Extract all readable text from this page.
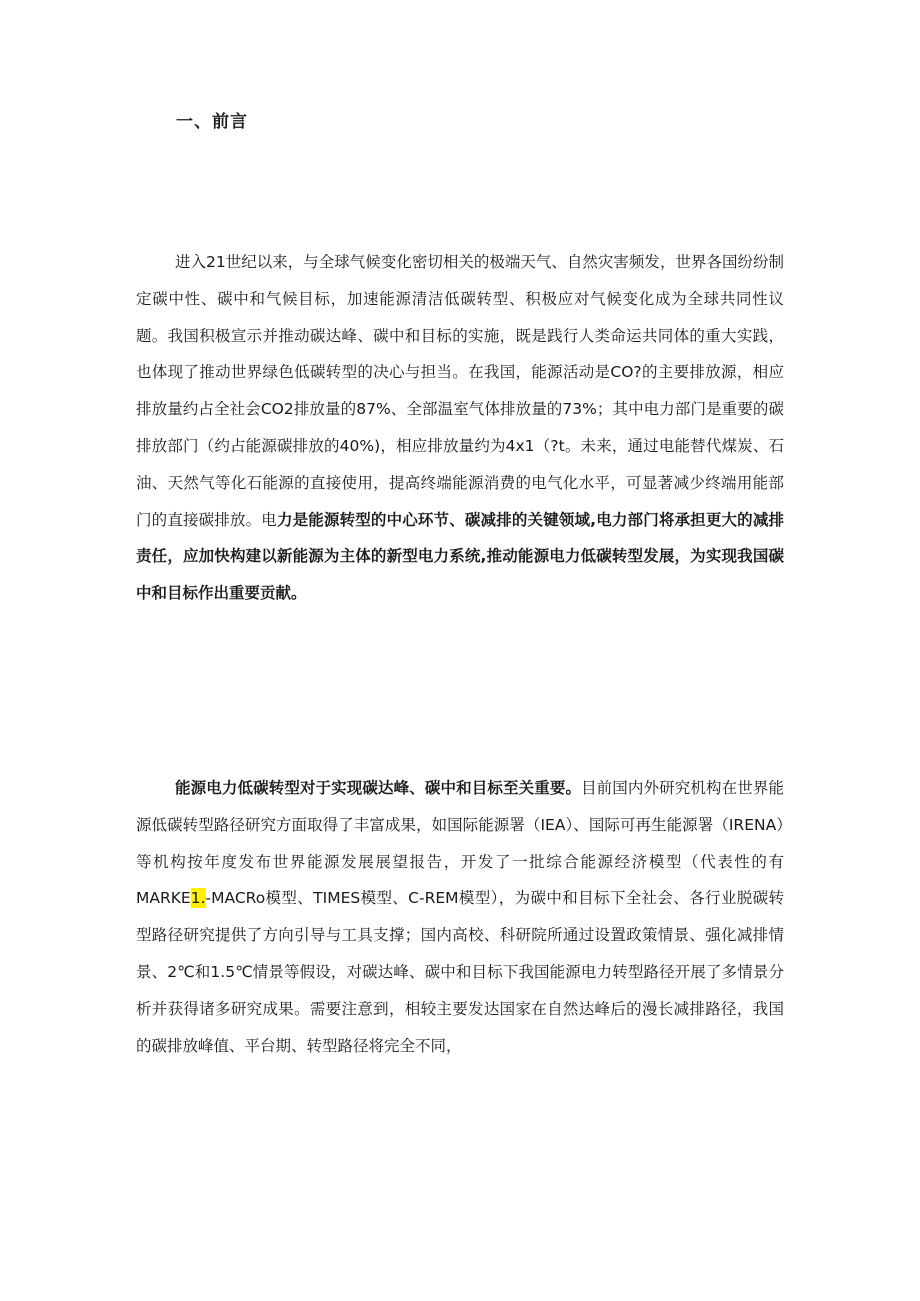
一、前言

进入21世纪以来，与全球气候变化密切相关的极端天气、自然灾害频发，世界各国纷纷制定碳中性、碳中和气候目标，加速能源清洁低碳转型、积极应对气候变化成为全球共同性议题。我国积极宣示并推动碳达峰、碳中和目标的实施，既是践行人类命运共同体的重大实践，也体现了推动世界绿色低碳转型的决心与担当。在我国，能源活动是CO?的主要排放源，相应排放量约占全社会CO2排放量的87%、全部温室气体排放量的73%；其中电力部门是重要的碳排放部门（约占能源碳排放的40%)，相应排放量约为4x1（?t。未来，通过电能替代煤炭、石油、天然气等化石能源的直接使用，提高终端能源消费的电气化水平，可显著减少终端用能部门的直接碳排放。电力是能源转型的中心环节、碳减排的关键领域,电力部门将承担更大的减排责任，应加快构建以新能源为主体的新型电力系统,推动能源电力低碳转型发展，为实现我国碳中和目标作出重要贡献。

能源电力低碳转型对于实现碳达峰、碳中和目标至关重要。目前国内外研究机构在世界能源低碳转型路径研究方面取得了丰富成果，如国际能源署（IEA）、国际可再生能源署（IRENA）等机构按年度发布世界能源发展展望报告，开发了一批综合能源经济模型（代表性的有MARKE1.-MACRo模型、TIMES模型、C-REM模型），为碳中和目标下全社会、各行业脱碳转型路径研究提供了方向引导与工具支撑；国内高校、科研院所通过设置政策情景、强化减排情景、2℃和1.5℃情景等假设，对碳达峰、碳中和目标下我国能源电力转型路径开展了多情景分析并获得诸多研究成果。需要注意到，相较主要发达国家在自然达峰后的漫长减排路径，我国的碳排放峰值、平台期、转型路径将完全不同，
